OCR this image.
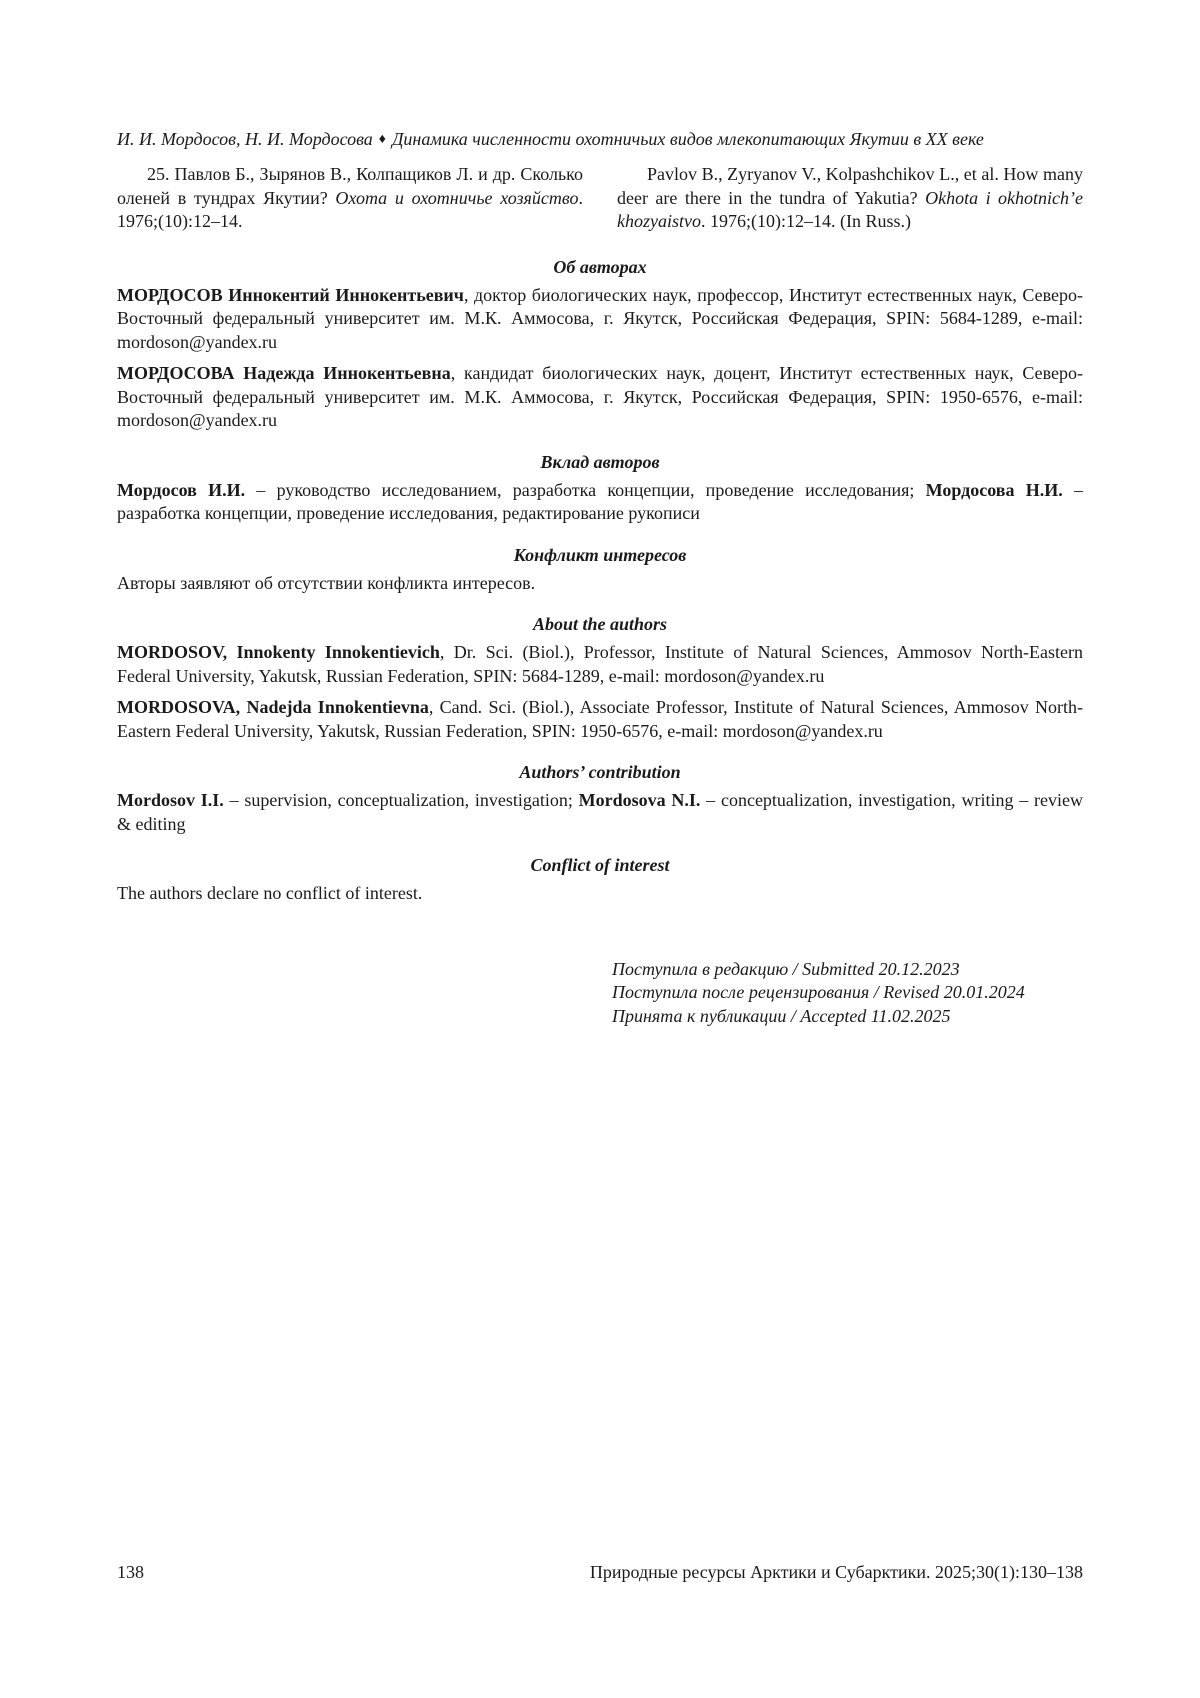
И. И. Мордосов, Н. И. Мордосова ♦ Динамика численности охотничьих видов млекопитающих Якутии в XX веке
25. Павлов Б., Зырянов В., Колпащиков Л. и др. Сколько оленей в тундрах Якутии? Охота и охотничье хозяйство. 1976;(10):12–14.
Pavlov B., Zyryanov V., Kolpashchikov L., et al. How many deer are there in the tundra of Yakutia? Okhota i okhotnich’e khozyaistvo. 1976;(10):12–14. (In Russ.)
Об авторах

МОРДОСОВ Иннокентий Иннокентьевич, доктор биологических наук, профессор, Институт естественных наук, Северо-Восточный федеральный университет им. М.К. Аммосова, г. Якутск, Российская Федерация, SPIN: 5684-1289, e-mail: mordoson@yandex.ru

МОРДОСОВА Надежда Иннокентьевна, кандидат биологических наук, доцент, Институт естественных наук, Северо-Восточный федеральный университет им. М.К. Аммосова, г. Якутск, Российская Федерация, SPIN: 1950-6576, e-mail: mordoson@yandex.ru

Вклад авторов

Мордосов И.И. – руководство исследованием, разработка концепции, проведение исследования; Мордосова Н.И. – разработка концепции, проведение исследования, редактирование рукописи

Конфликт интересов

Авторы заявляют об отсутствии конфликта интересов.

About the authors

MORDOSOV, Innokenty Innokentievich, Dr. Sci. (Biol.), Professor, Institute of Natural Sciences, Ammosov North-Eastern Federal University, Yakutsk, Russian Federation, SPIN: 5684-1289, e-mail: mordoson@yandex.ru

MORDOSOVA, Nadejda Innokentievna, Cand. Sci. (Biol.), Associate Professor, Institute of Natural Sciences, Ammosov North-Eastern Federal University, Yakutsk, Russian Federation, SPIN: 1950-6576, e-mail: mordoson@yandex.ru

Authors’ contribution

Mordosov I.I. – supervision, conceptualization, investigation; Mordosova N.I. – conceptualization, investigation, writing – review & editing

Conflict of interest

The authors declare no conflict of interest.

Поступила в редакцию / Submitted 20.12.2023
Поступила после рецензирования / Revised 20.01.2024
Принята к публикации / Accepted 11.02.2025
138	Природные ресурсы Арктики и Субарктики. 2025;30(1):130–138
